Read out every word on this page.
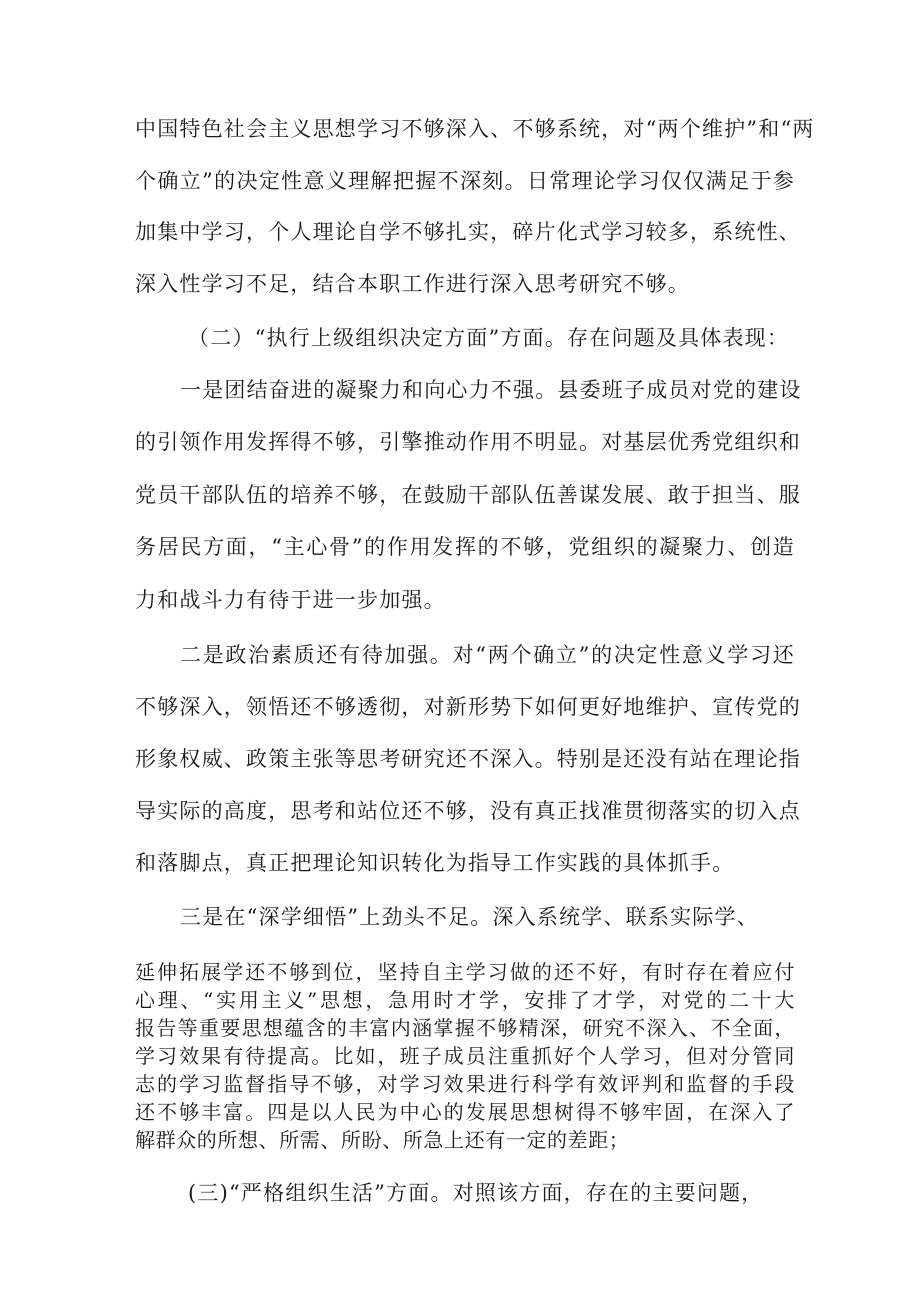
中国特色社会主义思想学习不够深入、不够系统，对“两个维护”和“两
个确立”的决定性意义理解把握不深刻。日常理论学习仅仅满足于参
加集中学习，个人理论自学不够扎实，碎片化式学习较多，系统性、
深入性学习不足，结合本职工作进行深入思考研究不够。
（二）“执行上级组织决定方面”方面。存在问题及具体表现：
一是团结奋进的凝聚力和向心力不强。县委班子成员对党的建设
的引领作用发挥得不够，引擎推动作用不明显。对基层优秀党组织和
党员干部队伍的培养不够，在鼓励干部队伍善谋发展、敢于担当、服
务居民方面，“主心骨”的作用发挥的不够，党组织的凝聚力、创造
力和战斗力有待于进一步加强。
二是政治素质还有待加强。对“两个确立”的决定性意义学习还
不够深入，领悟还不够透彻，对新形势下如何更好地维护、宣传党的
形象权威、政策主张等思考研究还不深入。特别是还没有站在理论指
导实际的高度，思考和站位还不够，没有真正找准贯彻落实的切入点
和落脚点，真正把理论知识转化为指导工作实践的具体抓手。
三是在“深学细悟”上劲头不足。深入系统学、联系实际学、
延伸拓展学还不够到位，坚持自主学习做的还不好，有时存在着应付
心理、“实用主义”思想，急用时才学，安排了才学，对党的二十大
报告等重要思想蕴含的丰富内涵掌握不够精深，研究不深入、不全面，
学习效果有待提高。比如，班子成员注重抓好个人学习，但对分管同
志的学习监督指导不够，对学习效果进行科学有效评判和监督的手段
还不够丰富。四是以人民为中心的发展思想树得不够牢固，在深入了
解群众的所想、所需、所盼、所急上还有一定的差距；
(三)“严格组织生活”方面。对照该方面，存在的主要问题，
